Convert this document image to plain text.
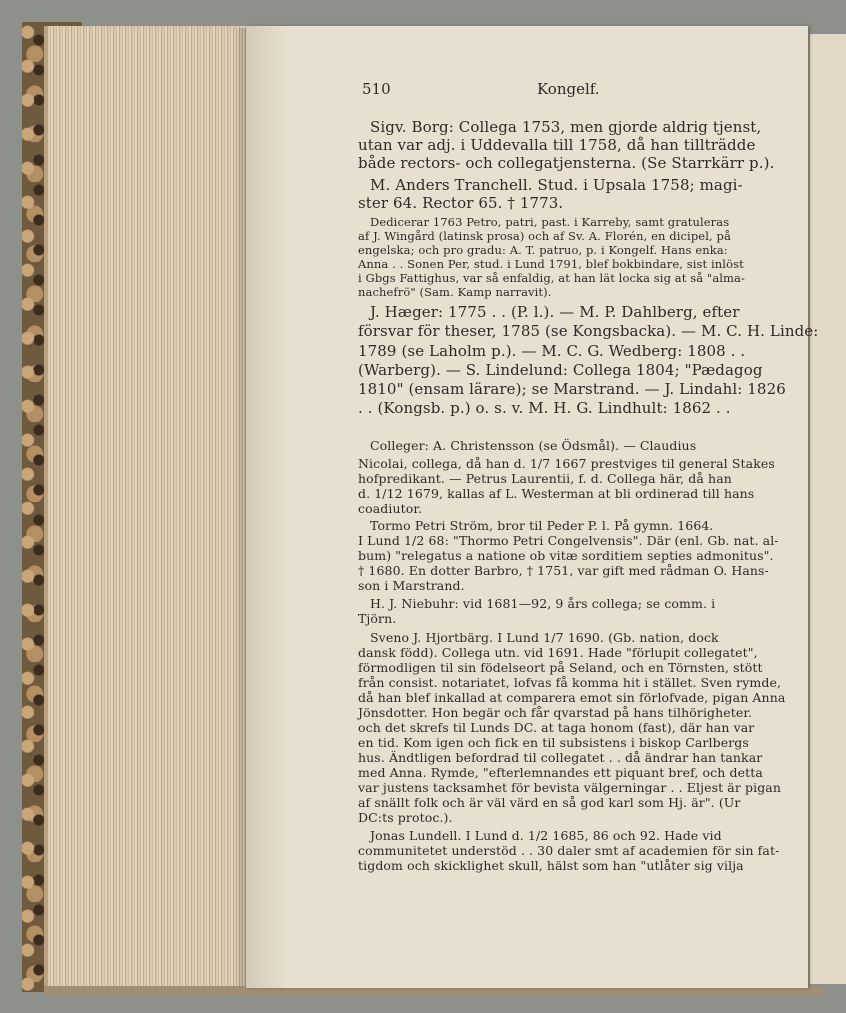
510	Kongelf.
Sigv. Borg: Collega 1753, men gjorde aldrig tjenst,
utan var adj. i Uddevalla till 1758, då han tillträdde
både rectors- och collegatjensterna. (Se Starrkärr p.).
M. Anders Tranchell. Stud. i Upsala 1758; magi-
ster 64. Rector 65. † 1773.
Dedicerar 1763 Petro, patri, past. i Karreby, samt gratuleras
af J. Wingård (latinsk prosa) och af Sv. A. Florén, en dicipel, på
engelska; och pro gradu: A. T. patruo, p. i Kongelf. Hans enka:
Anna . . Sonen Per, stud. i Lund 1791, blef bokbindare, sist inlöst
i Gbgs Fattighus, var så enfaldig, at han lät locka sig at så "alma-
nachefrö" (Sam. Kamp narravit).
J. Hæger: 1775 . . (P. l.). — M. P. Dahlberg, efter
försvar för theser, 1785 (se Kongsbacka). — M. C. H. Linde:
1789 (se Laholm p.). — M. C. G. Wedberg: 1808 . .
(Warberg). — S. Lindelund: Collega 1804; "Pædagog
1810" (ensam lärare); se Marstrand. — J. Lindahl: 1826
. . (Kongsb. p.) o. s. v. M. H. G. Lindhult: 1862 . .
Colleger: A. Christensson (se Ödsmål). — Claudius
Nicolai, collega, då han d. 1/7 1667 prestviges til general Stakes
hofpredikant. — Petrus Laurentii, f. d. Collega här, då han
d. 1/12 1679, kallas af L. Westerman at bli ordinerad till hans
coadiutor.
Tormo Petri Ström, bror til Peder P. l. På gymn. 1664.
I Lund 1/2 68: "Thormo Petri Congelvensis". Där (enl. Gb. nat. al-
bum) "relegatus a natione ob vitæ sorditiem septies admonitus".
† 1680. En dotter Barbro, † 1751, var gift med rådman O. Hans-
son i Marstrand.
H. J. Niebuhr: vid 1681—92, 9 års collega; se comm. i
Tjörn.
Sveno J. Hjortbärg. I Lund 1/7 1690. (Gb. nation, dock
dansk född). Collega utn. vid 1691. Hade "förlupit collegatet",
förmodligen til sin födelseort på Seland, och en Törnsten, stött
från consist. notariatet, lofvas få komma hit i stället. Sven rymde,
då han blef inkallad at comparera emot sin förlofvade, pigan Anna
Jönsdotter. Hon begär och får qvarstad på hans tilhörigheter.
och det skrefs til Lunds DC. at taga honom (fast), där han var
en tid. Kom igen och fick en til subsistens i biskop Carlbergs
hus. Ändtligen befordrad til collegatet . . då ändrar han tankar
med Anna. Rymde, "efterlemnandes ett piquant bref, och detta
var justens tacksamhet för bevista välgerningar . . Eljest är pigan
af snällt folk och är väl värd en så god karl som Hj. är". (Ur
DC:ts protoc.).
Jonas Lundell. I Lund d. 1/2 1685, 86 och 92. Hade vid
communitetet understöd . . 30 daler smt af academien för sin fat-
tigdom och skicklighet skull, hälst som han "utlåter sig vilja
